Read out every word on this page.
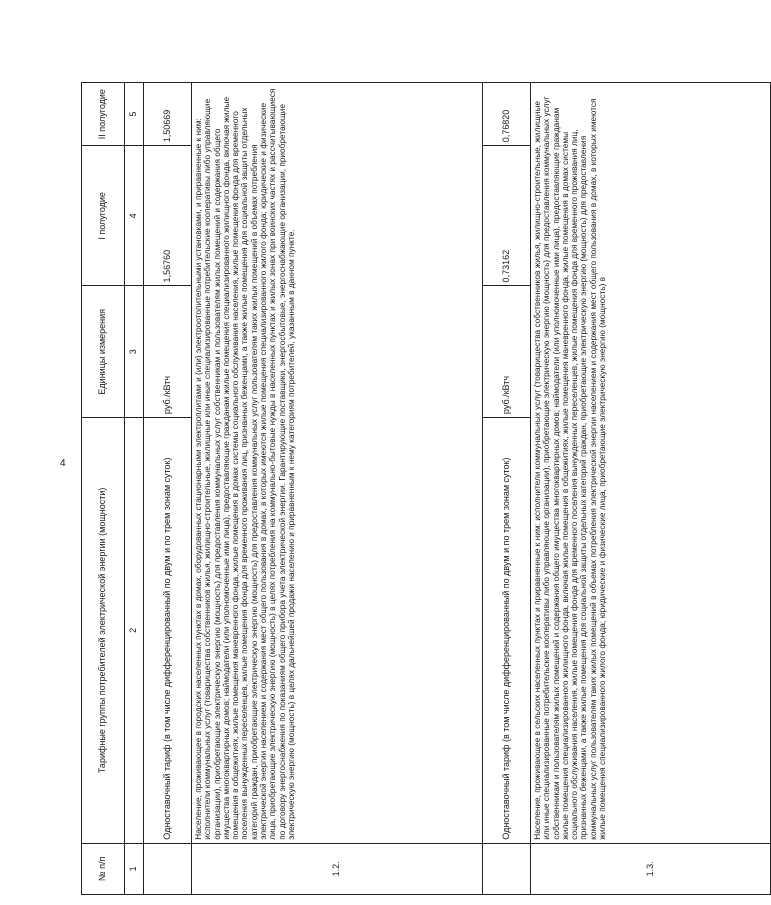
4
№ п/п	Тарифные группы потребителей электрической энергии (мощности)	Единицы измерения	I полугодие	II полугодие
1	2	3	4	5
	Одноставочный тариф (в том числе дифференцированный по двум и по трем зонам суток)	руб./кВтч	1,56760	1,50669
1.2.	Население, проживающее в городских населенных пунктах в домах, оборудованных стационарными электроплитами и (или) электроотопительными установками, и приравненные к ним: исполнители коммунальных услуг (товарищества собственников жилья, жилищно-строительные, жилищные или иные специализированные потребительские кооперативы либо управляющие организации), приобретающие электрическую энергию (мощность) для предоставления коммунальных услуг собственникам и пользователям жилых помещений и содержания общего имущества многоквартирных домов; наймодатели (или уполномоченные ими лица), предоставляющие гражданам жилые помещения специализированного жилищного фонда, включая жилые помещения в общежитиях, жилые помещения маневренного фонда, жилые помещения в домах системы социального обслуживания населения, жилые помещения фонда для временного поселения вынужденных переселенцев, жилые помещения фонда для временного проживания лиц, признанных беженцами, а также жилые помещения для социальной защиты отдельных категорий граждан, приобретающие электрическую энергию (мощность) для предоставления коммунальных услуг пользователям таких жилых помещений в объемах потребления электрической энергии населением и содержания мест общего пользования в домах, в которых имеются жилые помещения специализированного жилого фонда; юридические и физические лица, приобретающие электрическую энергию (мощность) в целях потребления на коммунально-бытовые нужды в населенных пунктах и жилых зонах при воинских частях и рассчитывающиеся по договору энергоснабжения по показаниям общего прибора учета электрической энергии. Гарантирующие поставщики, энергосбытовые, энергоснабжающие организации, приобретающие электрическую энергию (мощность) в целях дальнейшей продажи населению и приравненным к нему категориям потребителей, указанным в данном пункте.			
	Одноставочный тариф (в том числе дифференцированный по двум и по трем зонам суток)	руб./кВтч	0,73162	0,76820
1.3.	Население, проживающее в сельских населенных пунктах и приравненные к ним: исполнители коммунальных услуг (товарищества собственников жилья, жилищно-строительные, жилищные или иные специализированные потребительские кооперативы либо управляющие организации), приобретающие электрическую энергию (мощность) для предоставления коммунальных услуг собственникам и пользователям жилых помещений и содержания общего имущества многоквартирных домов; наймодатели (или уполномоченные ими лица), предоставляющие гражданам жилые помещения специализированного жилищного фонда, включая жилые помещения в общежитиях, жилые помещения маневренного фонда, жилые помещения в домах системы социального обслуживания населения, жилые помещения фонда для временного поселения вынужденных переселенцев, жилые помещения фонда для временного проживания лиц, признанных беженцами, а также жилые помещения для социальной защиты отдельных категорий граждан, приобретающие электрическую энергию (мощность) для предоставления коммунальных услуг пользователям таких жилых помещений в объемах потребления электрической энергии населением и содержания мест общего пользования в домах, в которых имеются жилые помещения специализированного жилого фонда; юридические и физические лица, приобретающие электрическую энергию (мощность) в			
